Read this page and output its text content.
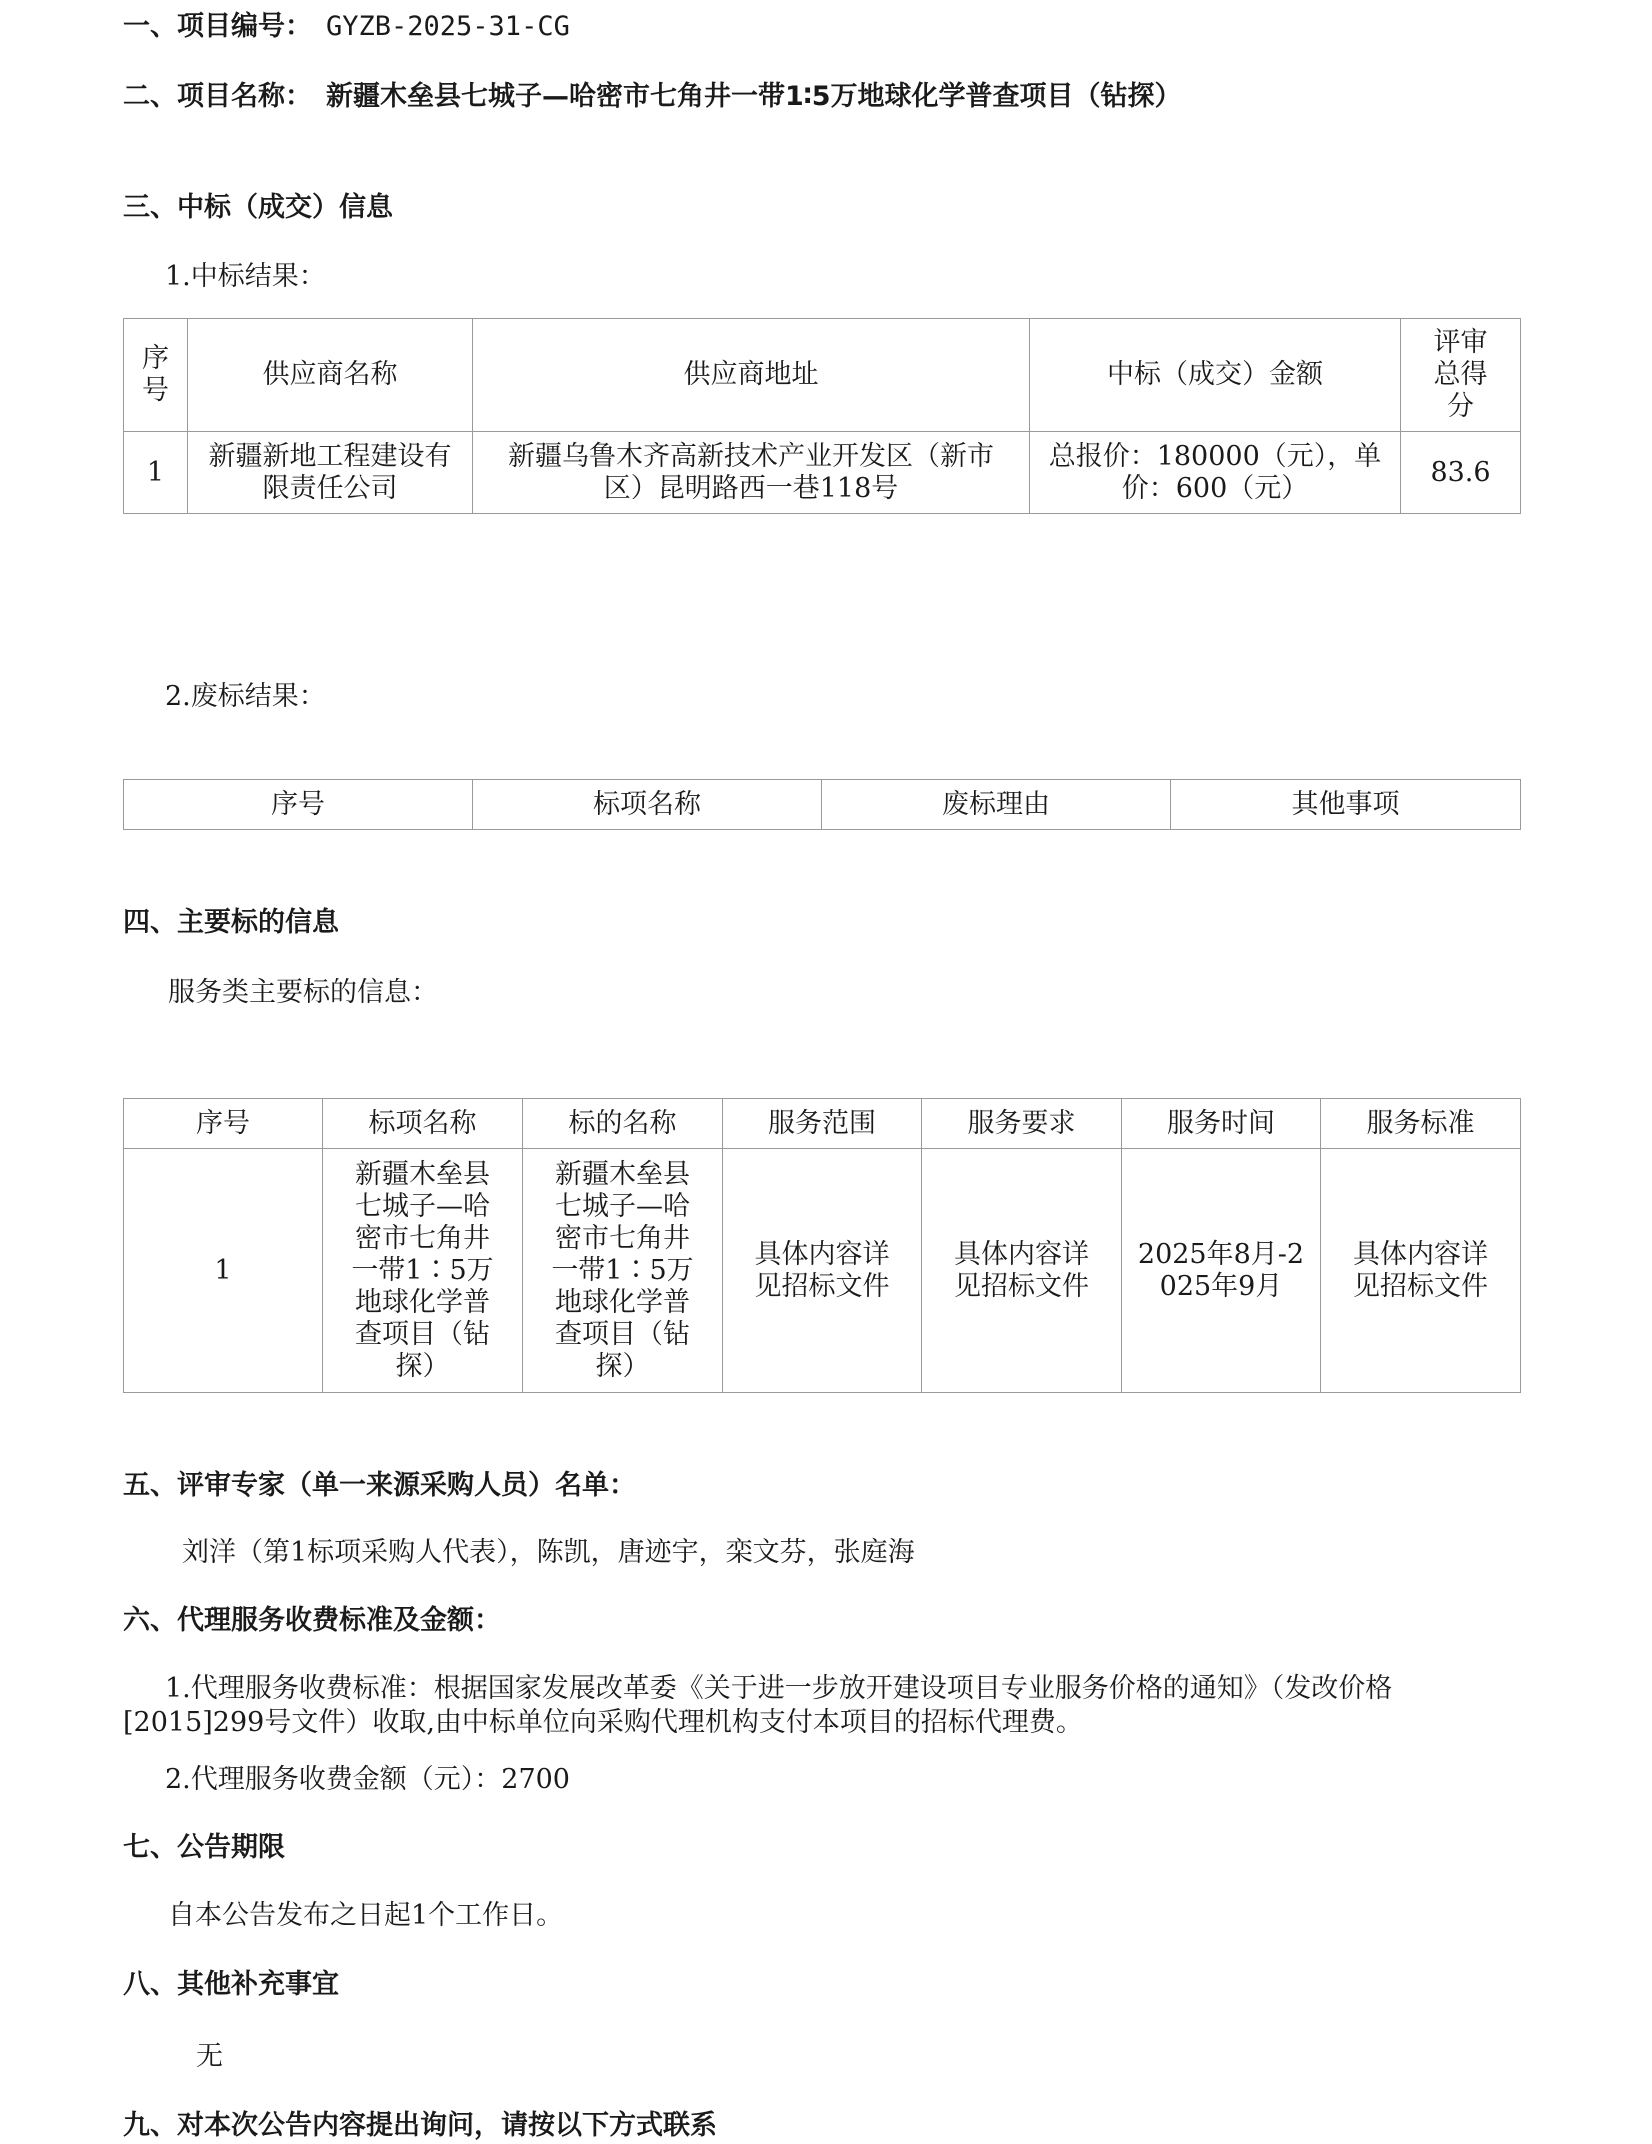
一、项目编号： GYZB-2025-31-CG
二、项目名称： 新疆木垒县七城子—哈密市七角井一带1∶5万地球化学普查项目（钻探）
三、中标（成交）信息
1.中标结果：
序号	供应商名称	供应商地址	中标（成交）金额	评审总得分
1	新疆新地工程建设有限责任公司	新疆乌鲁木齐高新技术产业开发区（新市区）昆明路西一巷118号	总报价：180000（元），单价：600（元）	83.6
2.废标结果：
序号	标项名称	废标理由	其他事项
四、主要标的信息
服务类主要标的信息：
序号	标项名称	标的名称	服务范围	服务要求	服务时间	服务标准
1	新疆木垒县七城子—哈密市七角井一带1∶5万地球化学普查项目（钻探）	新疆木垒县七城子—哈密市七角井一带1∶5万地球化学普查项目（钻探）	具体内容详见招标文件	具体内容详见招标文件	2025年8月-2025年9月	具体内容详见招标文件
五、评审专家（单一来源采购人员）名单：
刘洋（第1标项采购人代表），陈凯，唐迹宇，栾文芬，张庭海
六、代理服务收费标准及金额：
1.代理服务收费标准：根据国家发展改革委《关于进一步放开建设项目专业服务价格的通知》（发改价格
[2015]299号文件）收取,由中标单位向采购代理机构支付本项目的招标代理费。
2.代理服务收费金额（元）：2700
七、公告期限
自本公告发布之日起1个工作日。
八、其他补充事宜
无
九、对本次公告内容提出询问，请按以下方式联系
